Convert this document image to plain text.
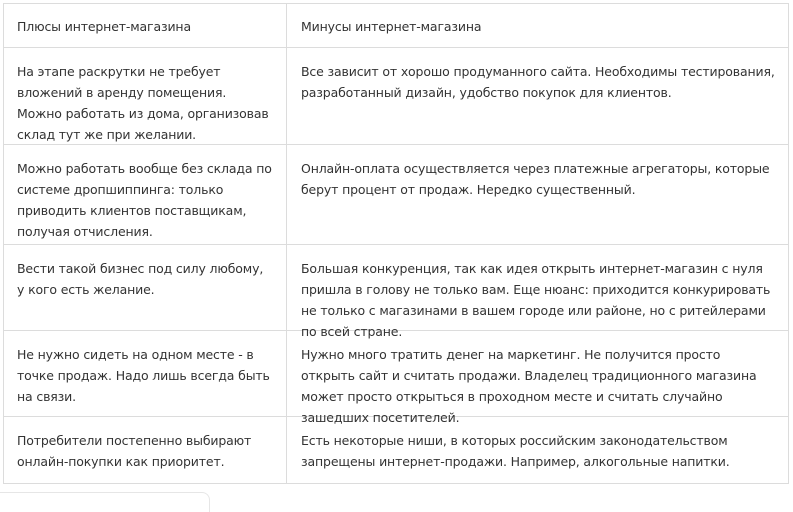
Плюсы интернет-магазина	Минусы интернет-магазина
На этапе раскрутки не требует вложений в аренду помещения. Можно работать из дома, организовав склад тут же при желании.
Все зависит от хорошо продуманного сайта. Необходимы тестирования, разработанный дизайн, удобство покупок для клиентов.
Можно работать вообще без склада по системе дропшиппинга: только приводить клиентов поставщикам, получая отчисления.
Онлайн-оплата осуществляется через платежные агрегаторы, которые берут процент от продаж. Нередко существенный.
Вести такой бизнес под силу любому, у кого есть желание.
Большая конкуренция, так как идея открыть интернет-магазин с нуля пришла в голову не только вам. Еще нюанс: приходится конкурировать не только с магазинами в вашем городе или районе, но с ритейлерами по всей стране.
Не нужно сидеть на одном месте - в точке продаж. Надо лишь всегда быть на связи.
Нужно много тратить денег на маркетинг. Не получится просто открыть сайт и считать продажи. Владелец традиционного магазина может просто открыться в проходном месте и считать случайно зашедших посетителей.
Потребители постепенно выбирают онлайн-покупки как приоритет.
Есть некоторые ниши, в которых российским законодательством запрещены интернет-продажи. Например, алкогольные напитки.
